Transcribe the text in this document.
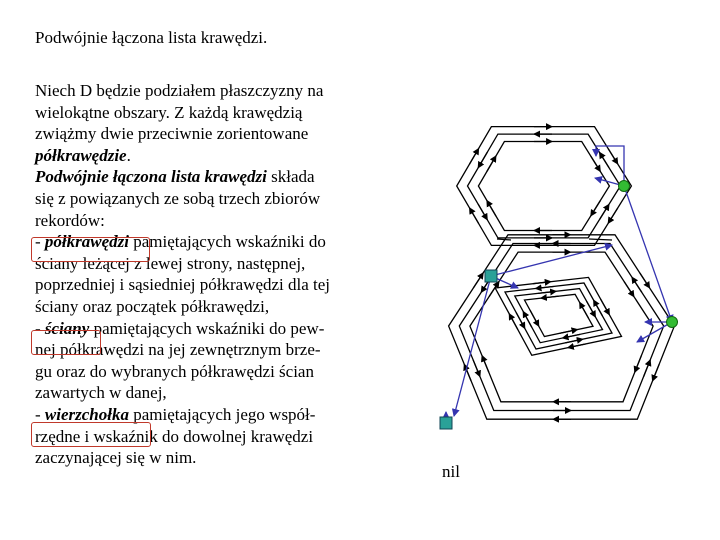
Podwójnie łączona lista krawędzi.

Niech D będzie podziałem płaszczyzny na

wielokątne obszary. Z każdą krawędzią

zwiążmy dwie przeciwnie zorientowane

półkrawędzie.

Podwójnie łączona lista krawędzi składa

się z powiązanych ze sobą trzech zbiorów

rekordów:

- półkrawędzi pamiętających wskaźniki do

ściany leżącej z lewej strony, następnej,

poprzedniej i sąsiedniej półkrawędzi dla tej

ściany oraz początek półkrawędzi,

- ściany pamiętających wskaźniki do pew-

nej półkrawędzi na jej zewnętrznym brze-

gu oraz do wybranych półkrawędzi ścian

zawartych w danej,

- wierzchołka pamiętających jego współ-

rzędne i wskaźnik do dowolnej krawędzi

zaczynającej się w nim.

nil
